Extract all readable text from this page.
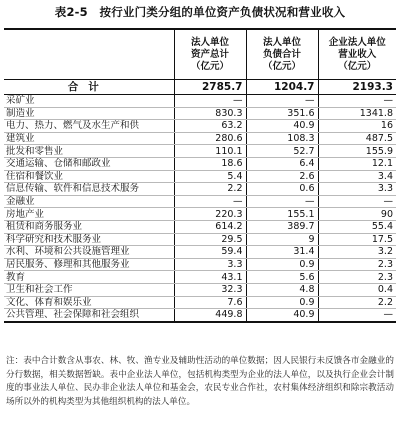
表2-5　按行业门类分组的单位资产负债状况和营业收入
	法人单位
资产总计
（亿元）	法人单位
负债合计
（亿元）	企业法人单位
营业收入
（亿元）
合计	2785.7	1204.7	2193.3
采矿业	—	—	—
制造业	830.3	351.6	1341.8
电力、热力、燃气及水生产和供	63.2	40.9	16
建筑业	280.6	108.3	487.5
批发和零售业	110.1	52.7	155.9
交通运输、仓储和邮政业	18.6	6.4	12.1
住宿和餐饮业	5.4	2.6	3.4
信息传输、软件和信息技术服务	2.2	0.6	3.3
金融业	—	—	—
房地产业	220.3	155.1	90
租赁和商务服务业	614.2	389.7	55.4
科学研究和技术服务业	29.5	9	17.5
水利、环境和公共设施管理业	59.4	31.4	3.2
居民服务、修理和其他服务业	3.3	0.9	2.3
教育	43.1	5.6	2.3
卫生和社会工作	32.3	4.8	0.4
文化、体育和娱乐业	7.6	0.9	2.2
公共管理、社会保障和社会组织	449.8	40.9	—
注：表中合计数含从事农、林、牧、渔专业及辅助性活动的单位数据；因人民银行未反馈各市金融业的分行数据，相关数据暂缺。表中企业法人单位，包括机构类型为企业的法人单位，以及执行企业会计制度的事业法人单位、民办非企业法人单位和基金会，农民专业合作社，农村集体经济组织和除宗教活动场所以外的机构类型为其他组织机构的法人单位。
